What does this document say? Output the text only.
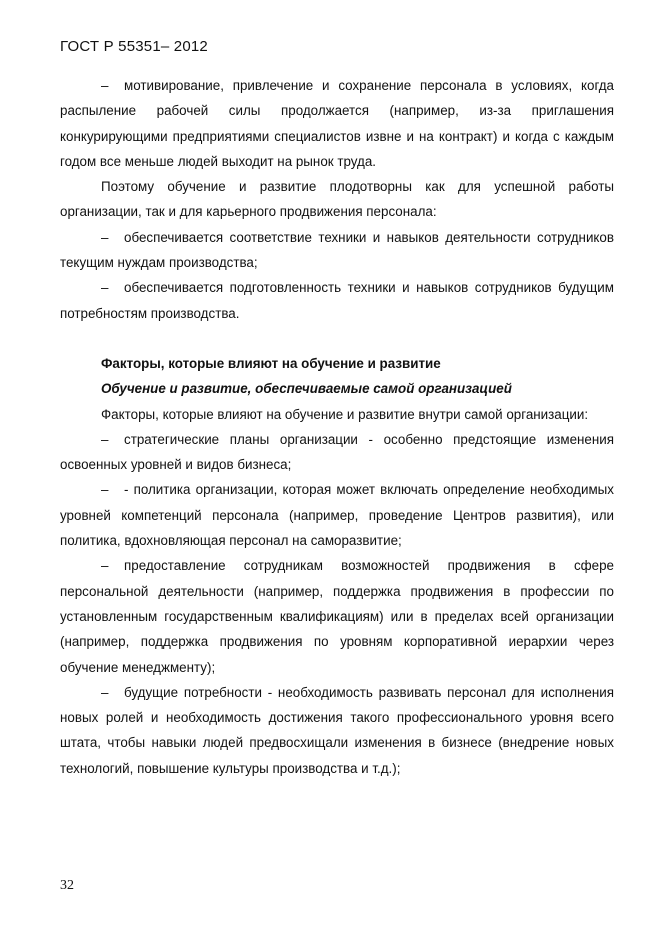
ГОСТ Р 55351– 2012

– мотивирование, привлечение и сохранение персонала в условиях, когда распыление рабочей силы продолжается (например, из-за приглашения конкурирующими предприятиями специалистов извне и на контракт) и когда с каждым годом все меньше людей выходит на рынок труда.

Поэтому обучение и развитие плодотворны как для успешной работы организации, так и для карьерного продвижения персонала:

– обеспечивается соответствие техники и навыков деятельности сотрудников текущим нуждам производства;

– обеспечивается подготовленность техники и навыков сотрудников будущим потребностям производства.

Факторы, которые влияют на обучение и развитие

Обучение и развитие, обеспечиваемые самой организацией

Факторы, которые влияют на обучение и развитие внутри самой организации:

– стратегические планы организации - особенно предстоящие изменения освоенных уровней и видов бизнеса;

– - политика организации, которая может включать определение необходимых уровней компетенций персонала (например, проведение Центров развития), или политика, вдохновляющая персонал на саморазвитие;

– предоставление сотрудникам возможностей продвижения в сфере персональной деятельности (например, поддержка продвижения в профессии по установленным государственным квалификациям) или в пределах всей организации (например, поддержка продвижения по уровням корпоративной иерархии через обучение менеджменту);

– будущие потребности - необходимость развивать персонал для исполнения новых ролей и необходимость достижения такого профессионального уровня всего штата, чтобы навыки людей предвосхищали изменения в бизнесе (внедрение новых технологий, повышение культуры производства и т.д.);

32
